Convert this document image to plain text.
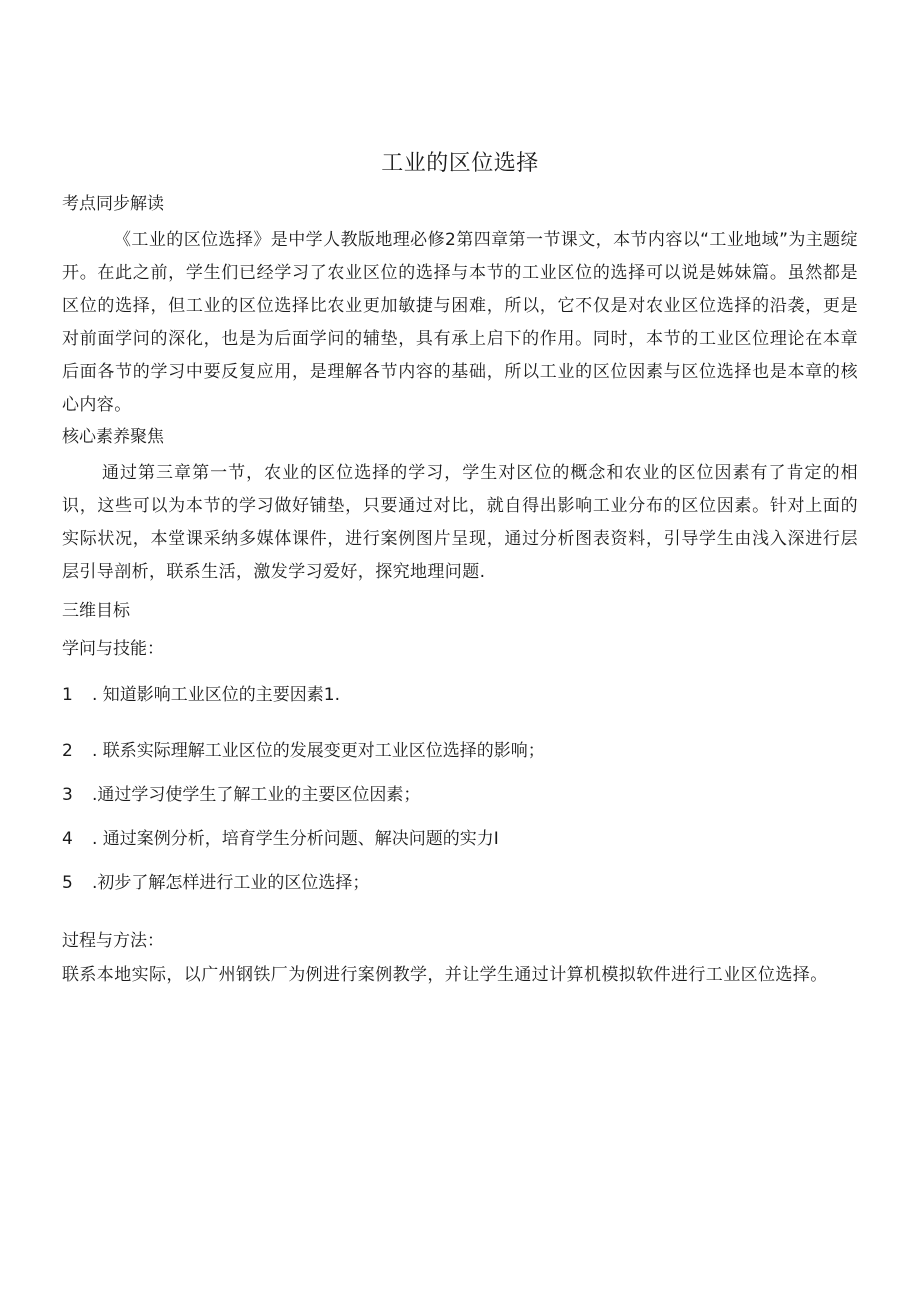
工业的区位选择
考点同步解读

《工业的区位选择》是中学人教版地理必修2第四章第一节课文，本节内容以“工业地域”为主题绽开。在此之前，学生们已经学习了农业区位的选择与本节的工业区位的选择可以说是姊妹篇。虽然都是区位的选择，但工业的区位选择比农业更加敏捷与困难，所以，它不仅是对农业区位选择的沿袭，更是对前面学问的深化，也是为后面学问的辅垫，具有承上启下的作用。同时，本节的工业区位理论在本章后面各节的学习中要反复应用，是理解各节内容的基础，所以工业的区位因素与区位选择也是本章的核心内容。

核心素养聚焦

通过第三章第一节，农业的区位选择的学习，学生对区位的概念和农业的区位因素有了肯定的相识，这些可以为本节的学习做好铺垫，只要通过对比，就自得出影响工业分布的区位因素。针对上面的实际状况，本堂课采纳多媒体课件，进行案例图片呈现，通过分析图表资料，引导学生由浅入深进行层层引导剖析，联系生活，激发学习爱好，探究地理问题.

三维目标
学问与技能：
1	. 知道影响工业区位的主要因素1.
2	. 联系实际理解工业区位的发展变更对工业区位选择的影响；
3	.通过学习使学生了解工业的主要区位因素；
4	. 通过案例分析，培育学生分析问题、解决问题的实力I
5	.初步了解怎样进行工业的区位选择；
过程与方法：

联系本地实际，以广州钢铁厂为例进行案例教学，并让学生通过计算机模拟软件进行工业区位选择。
